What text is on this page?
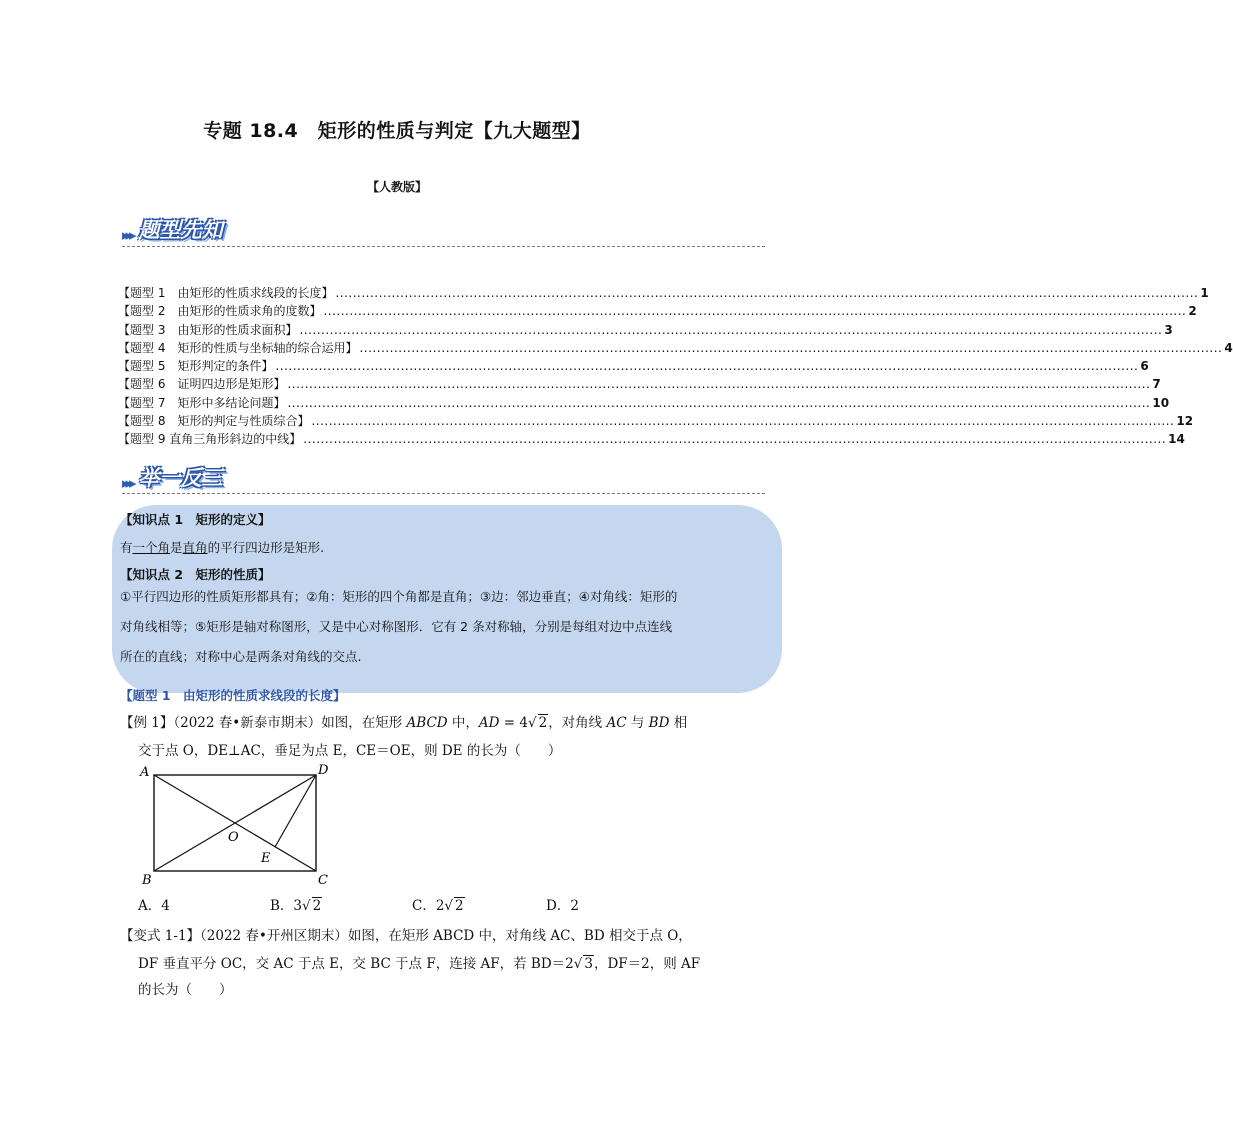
专题 18.4　矩形的性质与判定【九大题型】
【人教版】
▸▸▸ 题型先知
【题型 1　由矩形的性质求线段的长度】 ........................................................................................................................................................................................................ 1
【题型 2　由矩形的性质求角的度数】 ........................................................................................................................................................................................................ 2
【题型 3　由矩形的性质求面积】 ........................................................................................................................................................................................................ 3
【题型 4　矩形的性质与坐标轴的综合运用】 ........................................................................................................................................................................................................ 4
【题型 5　矩形判定的条件】 ........................................................................................................................................................................................................ 6
【题型 6　证明四边形是矩形】 ........................................................................................................................................................................................................ 7
【题型 7　矩形中多结论问题】 ........................................................................................................................................................................................................ 10
【题型 8　矩形的判定与性质综合】 ........................................................................................................................................................................................................ 12
【题型 9 直角三角形斜边的中线】 ........................................................................................................................................................................................................ 14
▸▸▸ 举一反三
【知识点 1　矩形的定义】
有一个角是直角的平行四边形是矩形.
【知识点 2　矩形的性质】
①平行四边形的性质矩形都具有；②角：矩形的四个角都是直角；③边：邻边垂直；④对角线：矩形的对角线相等；⑤矩形是轴对称图形，又是中心对称图形．它有 2 条对称轴，分别是每组对边中点连线所在的直线；对称中心是两条对角线的交点.
【题型 1　由矩形的性质求线段的长度】
【例 1】（2022 春•新泰市期末）如图，在矩形 ABCD 中，AD = 4√ 2，对角线 AC 与 BD 相
交于点 O，DE⊥AC，垂足为点 E，CE＝OE，则 DE 的长为（　　）
A	D
B	C
O
E
A．4	B．3√ 2	C．2√ 2	D．2
【变式 1-1】（2022 春•开州区期末）如图，在矩形 ABCD 中，对角线 AC、BD 相交于点 O，
DF 垂直平分 OC，交 AC 于点 E，交 BC 于点 F，连接 AF，若 BD＝2√ 3，DF＝2，则 AF
的长为（　　）
